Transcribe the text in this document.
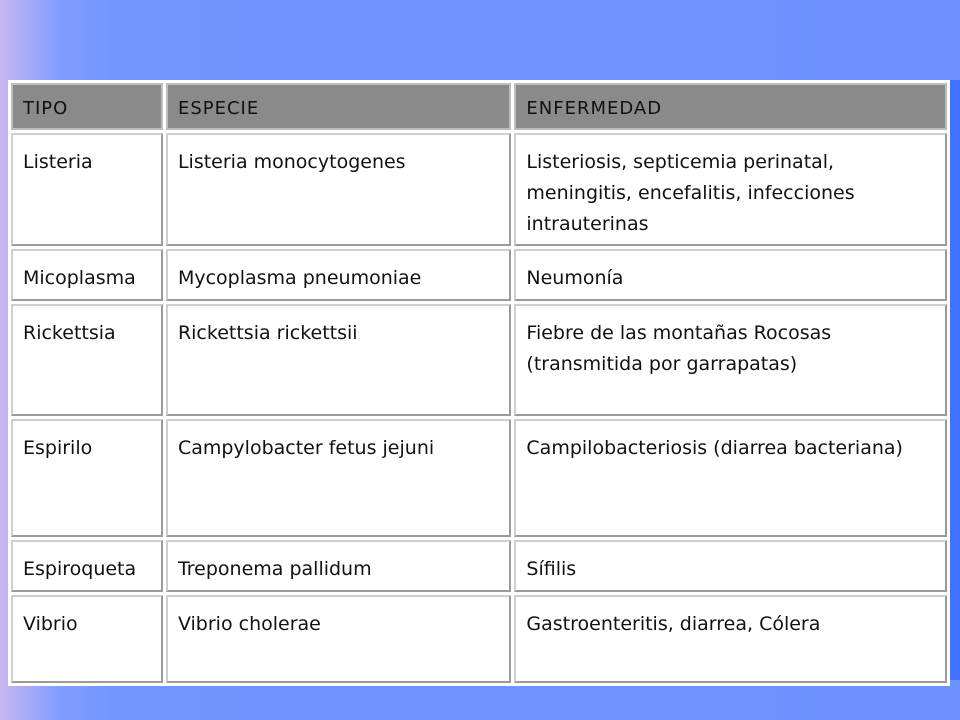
TIPO	ESPECIE	ENFERMEDAD
Listeria	Listeria monocytogenes	Listeriosis, septicemia perinatal, meningitis, encefalitis, infecciones intrauterinas
Micoplasma	Mycoplasma pneumoniae	Neumonía
Rickettsia	Rickettsia rickettsii	Fiebre de las montañas Rocosas (transmitida por garrapatas)
Espirilo	Campylobacter fetus jejuni	Campilobacteriosis (diarrea bacteriana)
Espiroqueta	Treponema pallidum	Sífilis
Vibrio	Vibrio cholerae	Gastroenteritis, diarrea, Cólera
